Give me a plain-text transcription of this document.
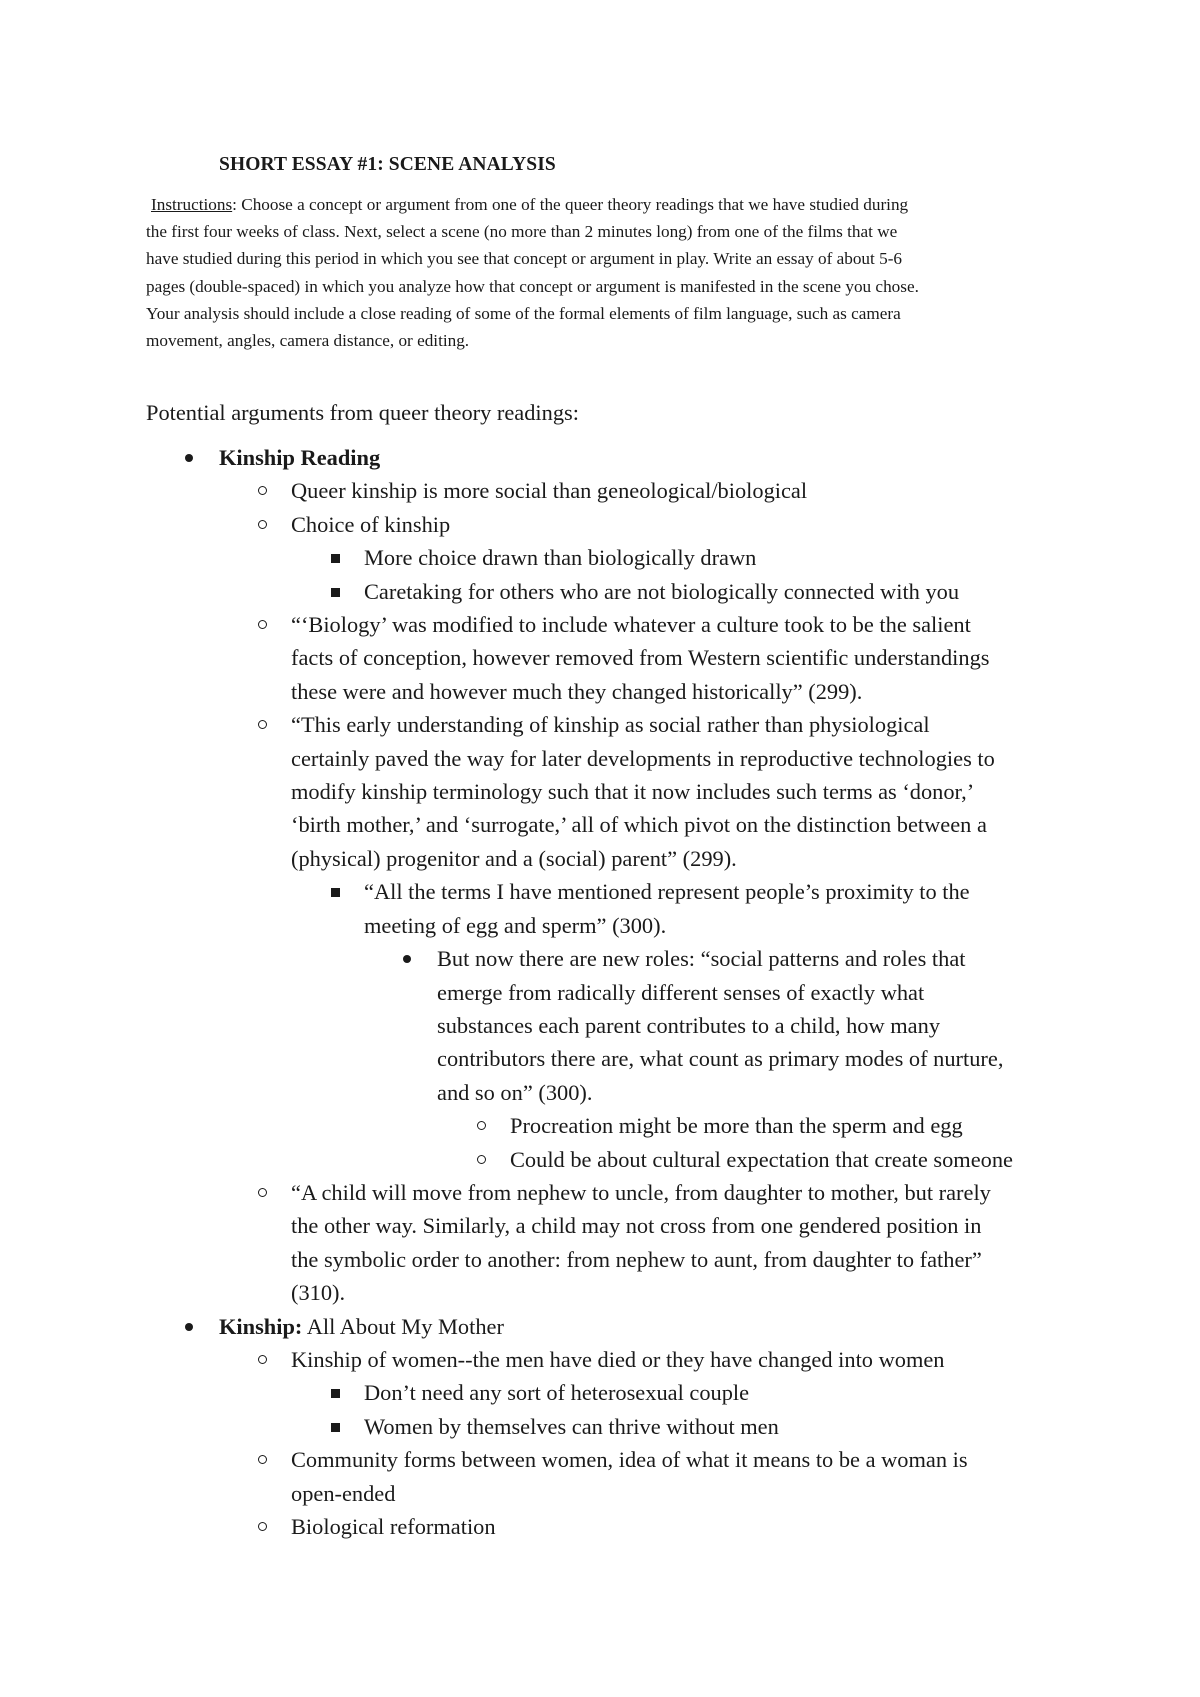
SHORT ESSAY #1: SCENE ANALYSIS

Instructions: Choose a concept or argument from one of the queer theory readings that we have studied during
the first four weeks of class. Next, select a scene (no more than 2 minutes long) from one of the films that we
have studied during this period in which you see that concept or argument in play. Write an essay of about 5-6
pages (double-spaced) in which you analyze how that concept or argument is manifested in the scene you chose.
Your analysis should include a close reading of some of the formal elements of film language, such as camera
movement, angles, camera distance, or editing.

Potential arguments from queer theory readings:
Kinship Reading
Queer kinship is more social than geneological/biological
Choice of kinship
More choice drawn than biologically drawn
Caretaking for others who are not biologically connected with you
“‘Biology’ was modified to include whatever a culture took to be the salient
facts of conception, however removed from Western scientific understandings
these were and however much they changed historically” (299).
“This early understanding of kinship as social rather than physiological
certainly paved the way for later developments in reproductive technologies to
modify kinship terminology such that it now includes such terms as ‘donor,’
‘birth mother,’ and ‘surrogate,’ all of which pivot on the distinction between a
(physical) progenitor and a (social) parent” (299).
“All the terms I have mentioned represent people’s proximity to the
meeting of egg and sperm” (300).
But now there are new roles: “social patterns and roles that
emerge from radically different senses of exactly what
substances each parent contributes to a child, how many
contributors there are, what count as primary modes of nurture,
and so on” (300).
Procreation might be more than the sperm and egg
Could be about cultural expectation that create someone
“A child will move from nephew to uncle, from daughter to mother, but rarely
the other way. Similarly, a child may not cross from one gendered position in
the symbolic order to another: from nephew to aunt, from daughter to father”
(310).
Kinship: All About My Mother
Kinship of women--the men have died or they have changed into women
Don’t need any sort of heterosexual couple
Women by themselves can thrive without men
Community forms between women, idea of what it means to be a woman is
open-ended
Biological reformation
